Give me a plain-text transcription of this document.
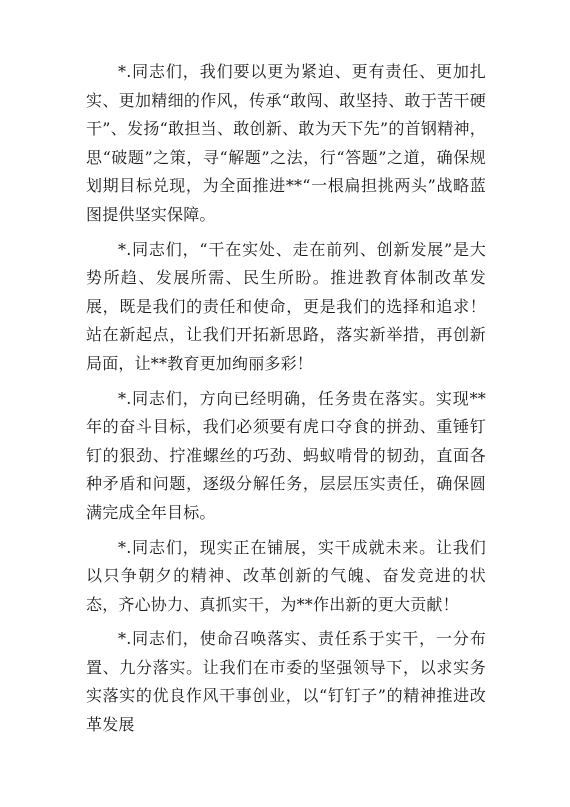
*.同志们，我们要以更为紧迫、更有责任、更加扎实、更加精细的作风，传承“敢闯、敢坚持、敢于苦干硬干”、发扬“敢担当、敢创新、敢为天下先”的首钢精神，思“破题”之策，寻“解题”之法，行“答题”之道，确保规划期目标兑现，为全面推进**“一根扁担挑两头”战略蓝图提供坚实保障。

*.同志们，“干在实处、走在前列、创新发展”是大势所趋、发展所需、民生所盼。推进教育体制改革发展，既是我们的责任和使命，更是我们的选择和追求！站在新起点，让我们开拓新思路，落实新举措，再创新局面，让**教育更加绚丽多彩！

*.同志们，方向已经明确，任务贵在落实。实现**年的奋斗目标，我们必须要有虎口夺食的拼劲、重锤钉钉的狠劲、拧准螺丝的巧劲、蚂蚁啃骨的韧劲，直面各种矛盾和问题，逐级分解任务，层层压实责任，确保圆满完成全年目标。

*.同志们，现实正在铺展，实干成就未来。让我们以只争朝夕的精神、改革创新的气魄、奋发竞进的状态，齐心协力、真抓实干，为**作出新的更大贡献！

*.同志们，使命召唤落实、责任系于实干，一分布置、九分落实。让我们在市委的坚强领导下，以求实务实落实的优良作风干事创业，以“钉钉子”的精神推进改革发展
